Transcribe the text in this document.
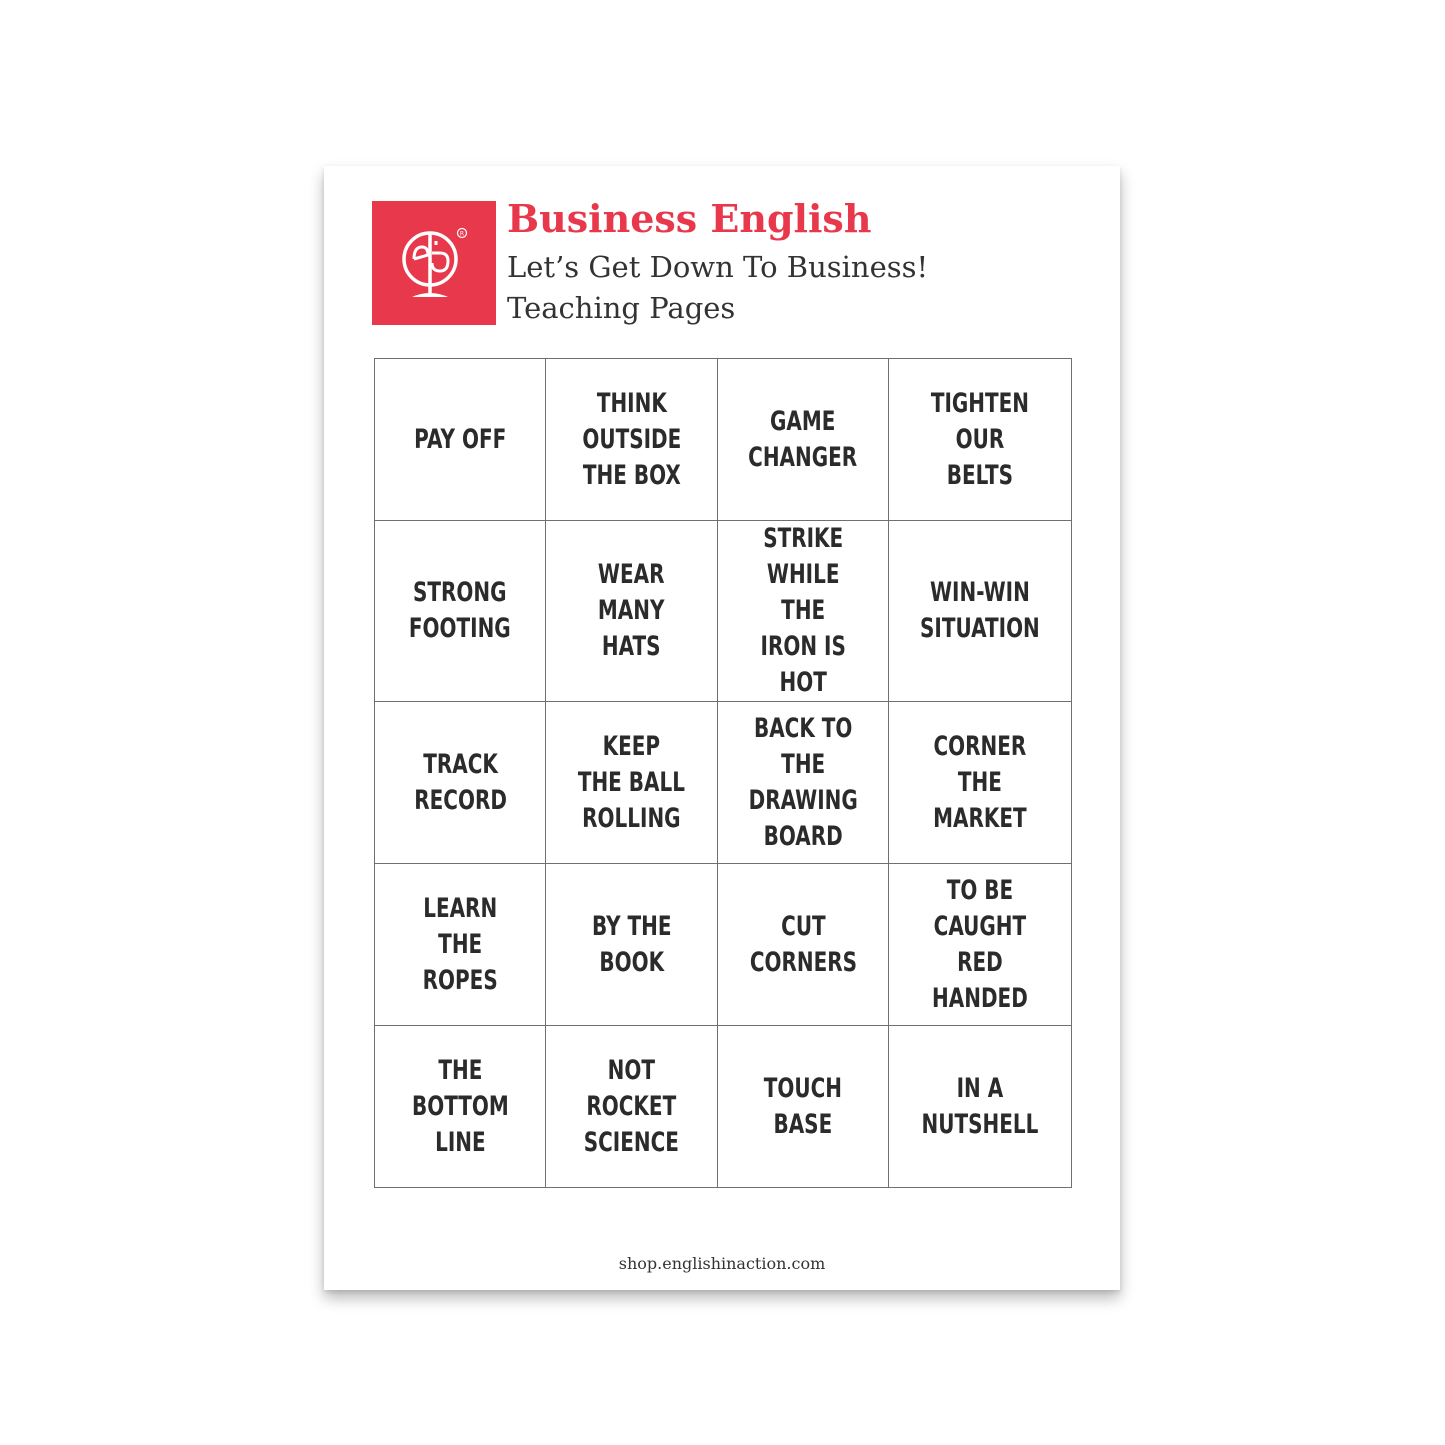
R Business English
Let’s Get Down To Business!
Teaching Pages
PAY OFF
THINK
OUTSIDE
THE BOX
GAME
CHANGER
TIGHTEN
OUR BELTS
STRONG
FOOTING
WEAR
MANY HATS
STRIKE
WHILE THE
IRON IS HOT
WIN-WIN
SITUATION
TRACK
RECORD
KEEP
THE BALL
ROLLING
BACK TO THE
DRAWING
BOARD
CORNER THE
MARKET
LEARN THE
ROPES
BY THE
BOOK
CUT
CORNERS
TO BE
CAUGHT RED
HANDED
THE
BOTTOM
LINE
NOT
ROCKET
SCIENCE
TOUCH
BASE
IN A
NUTSHELL
shop.englishinaction.com
